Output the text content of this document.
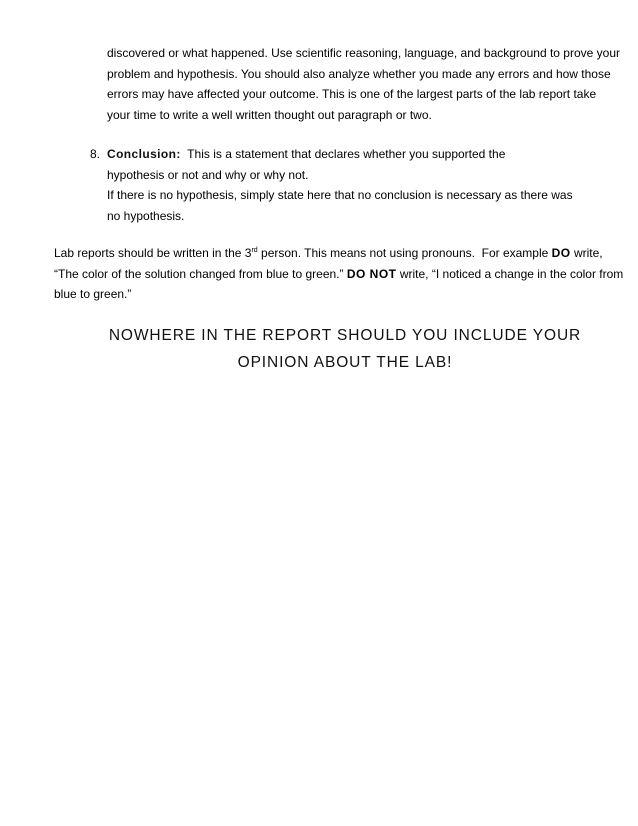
discovered or what happened. Use scientific reasoning, language, and background to prove your

problem and hypothesis. You should also analyze whether you made any errors and how those

errors may have affected your outcome. This is one of the largest parts of the lab report take

your time to write a well written thought out paragraph or two.

8. Conclusion:  This is a statement that declares whether you supported the

hypothesis or not and why or why not.

If there is no hypothesis, simply state here that no conclusion is necessary as there was

no hypothesis.

Lab reports should be written in the 3rd person. This means not using pronouns.  For example DO write,

“The color of the solution changed from blue to green.” DO NOT write, “I noticed a change in the color from

blue to green.”

NOWHERE IN THE REPORT SHOULD YOU INCLUDE YOUR

OPINION ABOUT THE LAB!
